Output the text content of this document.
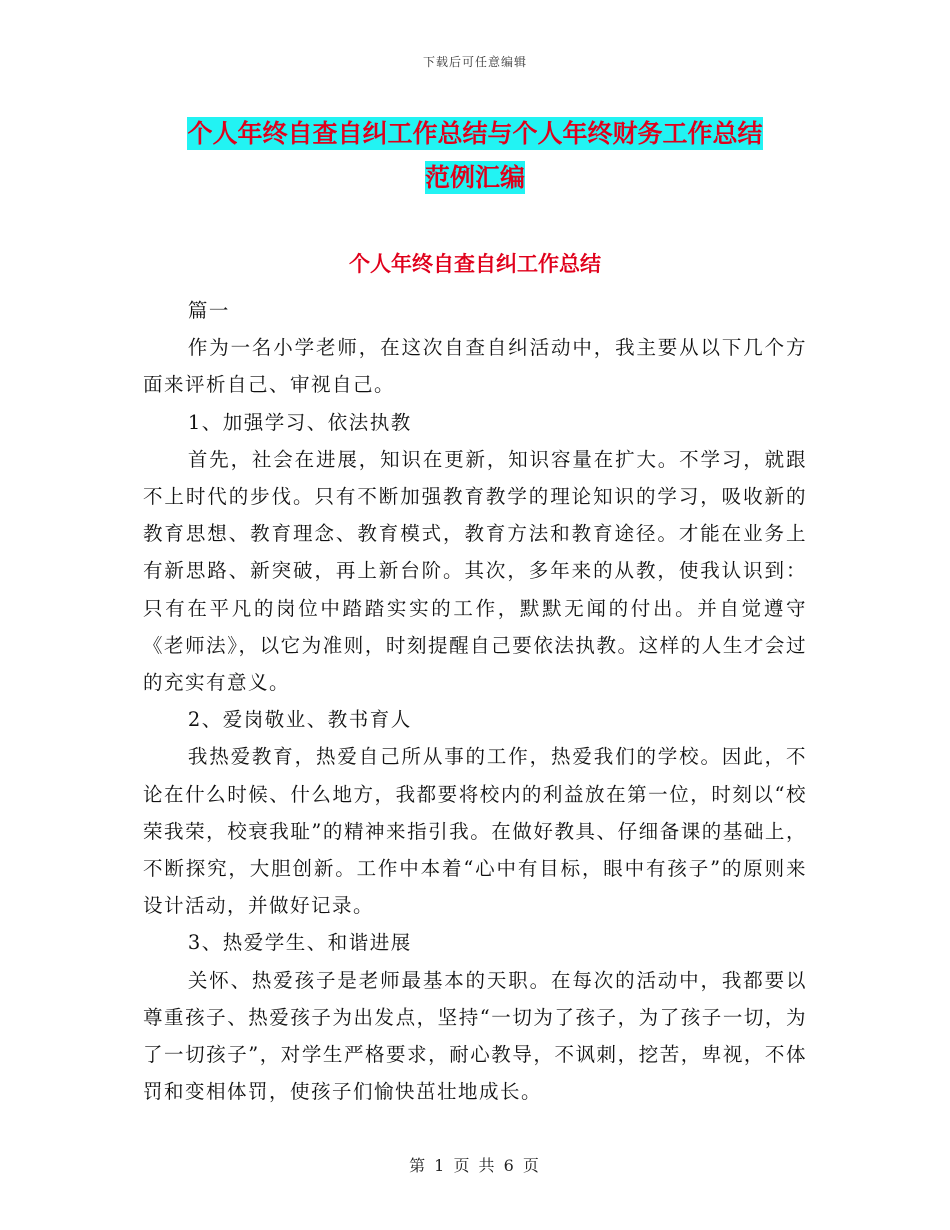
下载后可任意编辑
个人年终自查自纠工作总结与个人年终财务工作总结
范例汇编
个人年终自查自纠工作总结

篇一

作为一名小学老师，在这次自查自纠活动中，我主要从以下几个方面来评析自己、审视自己。

1、加强学习、依法执教

首先，社会在进展，知识在更新，知识容量在扩大。不学习，就跟不上时代的步伐。只有不断加强教育教学的理论知识的学习，吸收新的教育思想、教育理念、教育模式，教育方法和教育途径。才能在业务上有新思路、新突破，再上新台阶。其次，多年来的从教，使我认识到：只有在平凡的岗位中踏踏实实的工作，默默无闻的付出。并自觉遵守《老师法》，以它为准则，时刻提醒自己要依法执教。这样的人生才会过的充实有意义。

2、爱岗敬业、教书育人

我热爱教育，热爱自己所从事的工作，热爱我们的学校。因此，不论在什么时候、什么地方，我都要将校内的利益放在第一位，时刻以“校荣我荣，校衰我耻”的精神来指引我。在做好教具、仔细备课的基础上，不断探究，大胆创新。工作中本着“心中有目标，眼中有孩子”的原则来设计活动，并做好记录。

3、热爱学生、和谐进展

关怀、热爱孩子是老师最基本的天职。在每次的活动中，我都要以尊重孩子、热爱孩子为出发点，坚持“一切为了孩子，为了孩子一切，为了一切孩子”，对学生严格要求，耐心教导，不讽刺，挖苦，卑视，不体罚和变相体罚，使孩子们愉快茁壮地成长。

第 1 页 共 6 页
